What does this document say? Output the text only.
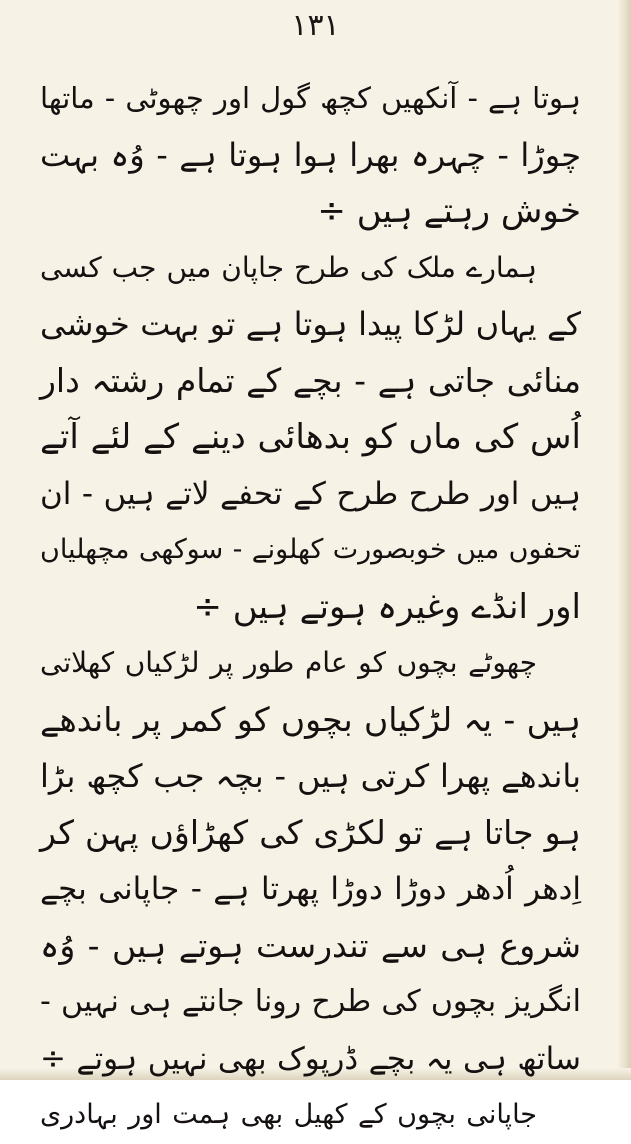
۱۳۱
ہوتا ہے - آنکھیں کچھ گول اور چھوٹی - ماتھا
چوڑا - چہرہ بھرا ہوا ہوتا ہے - وُہ بہت
خوش رہتے ہیں ÷
ہمارے ملک کی طرح جاپان میں جب کسی
کے یہاں لڑکا پیدا ہوتا ہے تو بہت خوشی
منائی جاتی ہے - بچے کے تمام رشتہ دار
اُس کی ماں کو بدھائی دینے کے لئے آتے
ہیں اور طرح طرح کے تحفے لاتے ہیں - ان
تحفوں میں خوبصورت کھلونے - سوکھی مچھلیاں
اور انڈے وغیرہ ہوتے ہیں ÷
چھوٹے بچوں کو عام طور پر لڑکیاں کھلاتی
ہیں - یہ لڑکیاں بچوں کو کمر پر باندھے
باندھے پھرا کرتی ہیں - بچہ جب کچھ بڑا
ہو جاتا ہے تو لکڑی کی کھڑاؤں پہن کر
اِدھر اُدھر دوڑا دوڑا پھرتا ہے - جاپانی بچے
شروع ہی سے تندرست ہوتے ہیں - وُہ
انگریز بچوں کی طرح رونا جانتے ہی نہیں -
ساتھ ہی یہ بچے ڈرپوک بھی نہیں ہوتے ÷
جاپانی بچوں کے کھیل بھی ہمت اور بہادری
